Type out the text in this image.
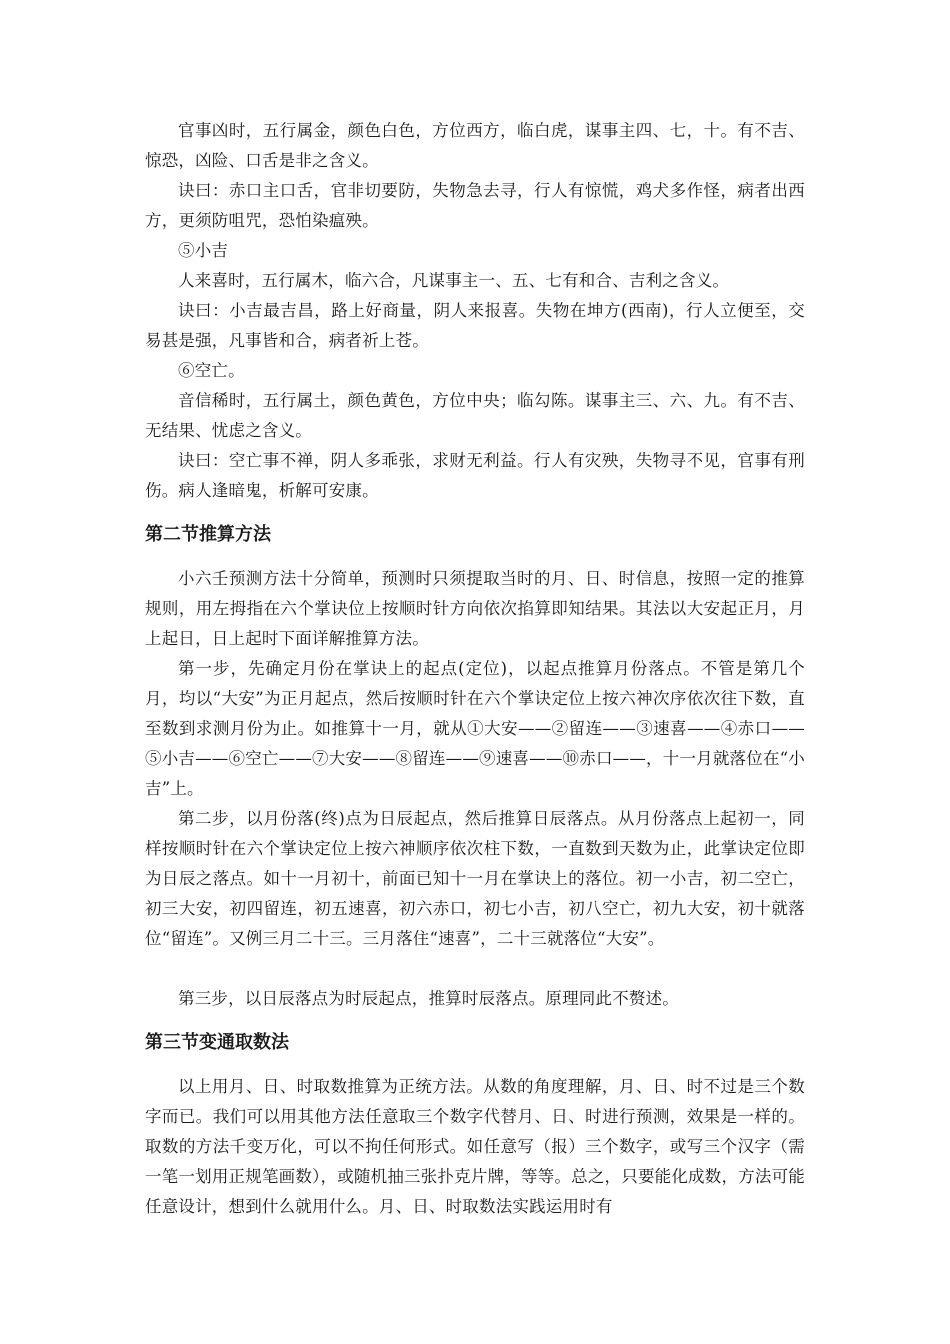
官事凶时，五行属金，颜色白色，方位西方，临白虎，谋事主四、七，十。有不吉、惊恐，凶险、口舌是非之含义。

诀曰：赤口主口舌，官非切要防，失物急去寻，行人有惊慌，鸡犬多作怪，病者出西方，更须防咀咒，恐怕染瘟殃。

⑤小吉

人来喜时，五行属木，临六合，凡谋事主一、五、七有和合、吉利之含义。

诀曰：小吉最吉昌，路上好商量，阴人来报喜。失物在坤方(西南)，行人立便至，交易甚是强，凡事皆和合，病者祈上苍。

⑥空亡。

音信稀时，五行属土，颜色黄色，方位中央；临勾陈。谋事主三、六、九。有不吉、无结果、忧虑之含义。

诀曰：空亡事不禅，阴人多乖张，求财无利益。行人有灾殃，失物寻不见，官事有刑伤。病人逢暗鬼，析解可安康。

第二节推算方法

小六壬预测方法十分简单，预测时只须提取当时的月、日、时信息，按照一定的推算规则，用左拇指在六个掌诀位上按顺时针方向依次掐算即知结果。其法以大安起正月，月上起日，日上起时下面详解推算方法。

第一步，先确定月份在掌诀上的起点(定位)，以起点推算月份落点。不管是第几个月，均以“大安”为正月起点，然后按顺时针在六个掌诀定位上按六神次序依次往下数，直至数到求测月份为止。如推算十一月，就从①大安——②留连——③速喜——④赤口——⑤小吉——⑥空亡——⑦大安——⑧留连——⑨速喜——⑩赤口——，十一月就落位在“小吉”上。

第二步，以月份落(终)点为日辰起点，然后推算日辰落点。从月份落点上起初一，同样按顺时针在六个掌诀定位上按六神顺序依次柱下数，一直数到天数为止，此掌诀定位即为日辰之落点。如十一月初十，前面已知十一月在掌诀上的落位。初一小吉，初二空亡，初三大安，初四留连，初五速喜，初六赤口，初七小吉，初八空亡，初九大安，初十就落位“留连”。又例三月二十三。三月落住“速喜”，二十三就落位“大安”。

第三步，以日辰落点为时辰起点，推算时辰落点。原理同此不赘述。

第三节变通取数法

以上用月、日、时取数推算为正统方法。从数的角度理解，月、日、时不过是三个数字而已。我们可以用其他方法任意取三个数字代替月、日、时进行预测，效果是一样的。取数的方法千变万化，可以不拘任何形式。如任意写（报）三个数字，或写三个汉字（需一笔一划用正规笔画数），或随机抽三张扑克片牌，等等。总之，只要能化成数，方法可能任意设计，想到什么就用什么。月、日、时取数法实践运用时有
